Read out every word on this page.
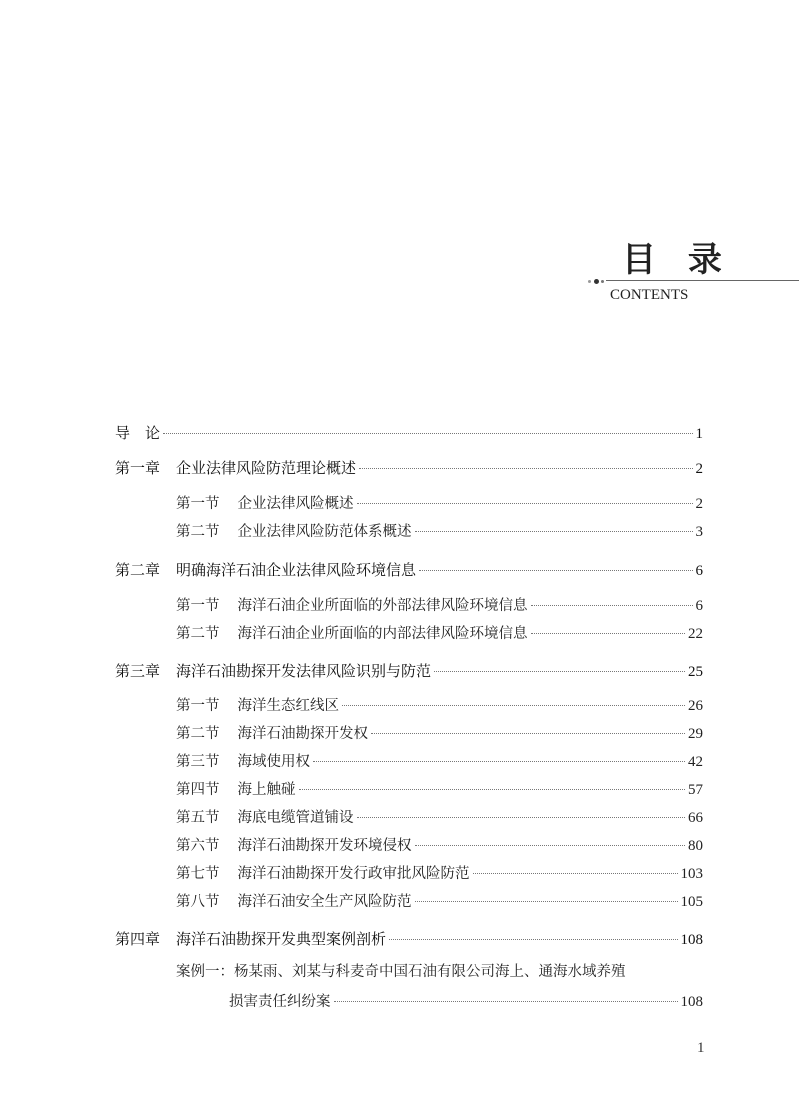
目 录
CONTENTS
导　论	1
第一章 企业法律风险防范理论概述	2
第一节 企业法律风险概述	2
第二节 企业法律风险防范体系概述	3
第二章 明确海洋石油企业法律风险环境信息	6
第一节 海洋石油企业所面临的外部法律风险环境信息	6
第二节 海洋石油企业所面临的内部法律风险环境信息	22
第三章 海洋石油勘探开发法律风险识别与防范	25
第一节 海洋生态红线区	26
第二节 海洋石油勘探开发权	29
第三节 海域使用权	42
第四节 海上触碰	57
第五节 海底电缆管道铺设	66
第六节 海洋石油勘探开发环境侵权	80
第七节 海洋石油勘探开发行政审批风险防范	103
第八节 海洋石油安全生产风险防范	105
第四章 海洋石油勘探开发典型案例剖析	108
案例一：杨某雨、刘某与科麦奇中国石油有限公司海上、通海水域养殖
损害责任纠纷案	108
1
